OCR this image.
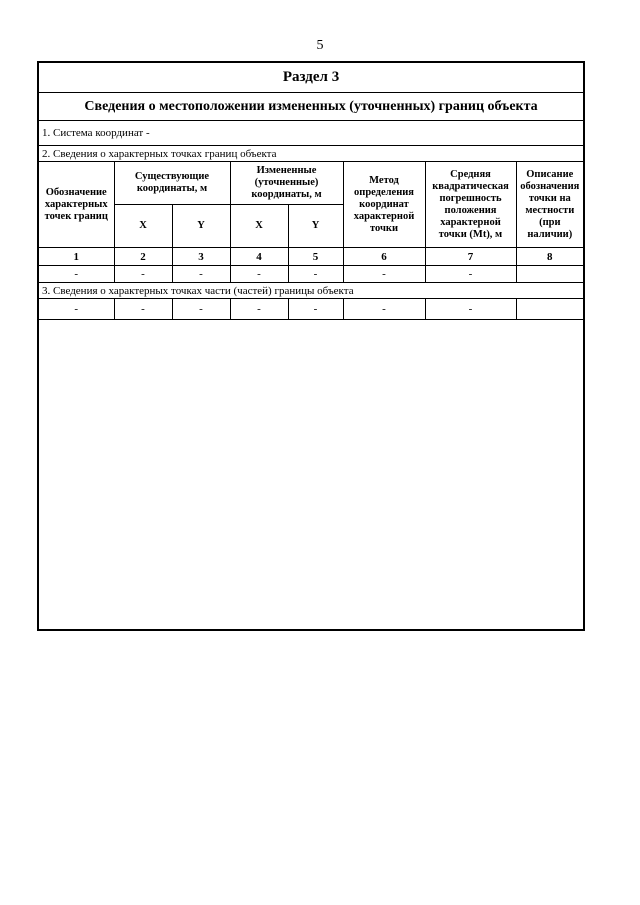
5
Раздел 3							
Сведения о местоположении измененных (уточненных) границ объекта							
1. Система координат -							
2. Сведения о характерных точках границ объекта							
Обозначение характерных точек границ	Существующие координаты, м		Измененные (уточненные) координаты, м		Метод определения координат характерной точки	Средняя квадратическая погрешность положения характерной точки (Mt), м	Описание обозначения точки на местности (при наличии)
	X	Y	X	Y			
1	2	3	4	5	6	7	8
-	-	-	-	-	-	-	
3. Сведения о характерных точках части (частей) границы объекта							
-	-	-	-	-	-	-	
